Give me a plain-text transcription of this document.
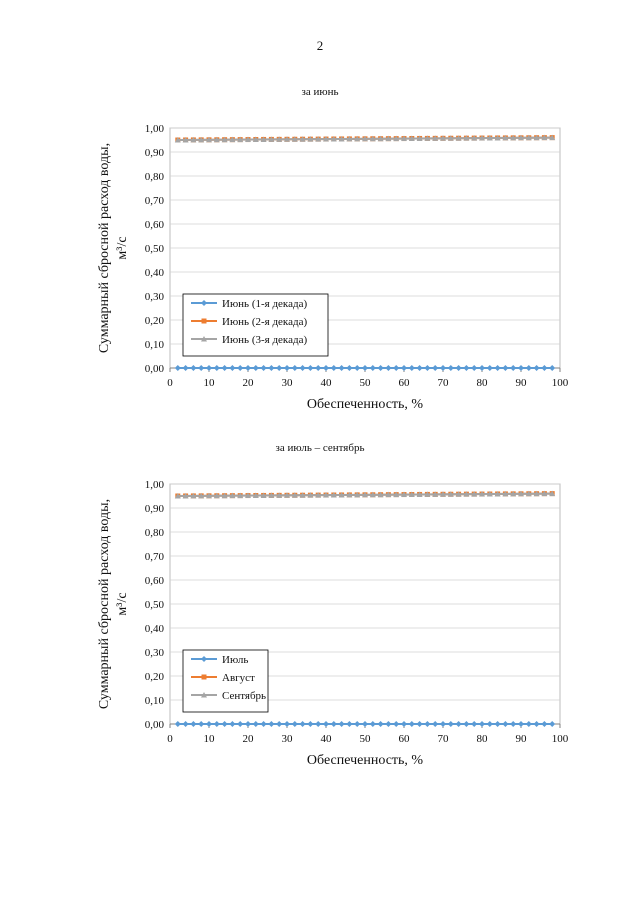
2
за июнь
0,00
0,10
0,20
0,30
0,40
0,50
0,60
0,70
0,80
0,90
1,00
0	10	20	30	40	50	60	70	80	90 100
Обеспеченность, %
Суммарный сбросной расход воды, м³/с
Июнь (1-я декада)
Июнь (2-я декада)
Июнь (3-я декада)
за июль – сентябрь
0,00
0,10
0,20
0,30
0,40
0,50
0,60
0,70
0,80
0,90
1,00
0	10	20	30	40	50	60	70	80	90 100
Обеспеченность, %
Суммарный сбросной расход воды, м³/с
Июль
Август
Сентябрь
